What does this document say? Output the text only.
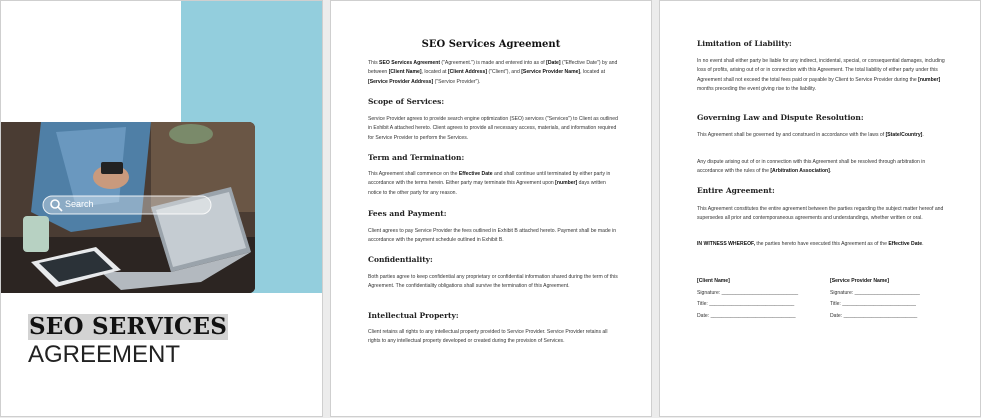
Search
SEO SERVICES
AGREEMENT
SEO Services Agreement
This SEO Services Agreement ("Agreement.") is made and entered into as of [Date] ("Effective Date") by and between [Client Name], located at [Client Address] ("Client"), and [Service Provider Name], located at [Service Provider Address] ("Service Provider").
Scope of Services:
Service Provider agrees to provide search engine optimization (SEO) services ("Services") to Client as outlined in Exhibit A attached hereto. Client agrees to provide all necessary access, materials, and information required for Service Provider to perform the Services.
Term and Termination:
This Agreement shall commence on the Effective Date and shall continue until terminated by either party in accordance with the terms herein. Either party may terminate this Agreement upon [number] days written notice to the other party for any reason.
Fees and Payment:
Client agrees to pay Service Provider the fees outlined in Exhibit B attached hereto. Payment shall be made in accordance with the payment schedule outlined in Exhibit B.
Confidentiality:
Both parties agree to keep confidential any proprietary or confidential information shared during the term of this Agreement. The confidentiality obligations shall survive the termination of this Agreement.
Intellectual Property:
Client retains all rights to any intellectual property provided to Service Provider. Service Provider retains all rights to any intellectual property developed or created during the provision of Services.
Limitation of Liability:
In no event shall either party be liable for any indirect, incidental, special, or consequential damages, including loss of profits, arising out of or in connection with this Agreement. The total liability of either party under this Agreement shall not exceed the total fees paid or payable by Client to Service Provider during the [number] months preceding the event giving rise to the liability.
Governing Law and Dispute Resolution:
This Agreement shall be governed by and construed in accordance with the laws of [State/Country].
Any dispute arising out of or in connection with this Agreement shall be resolved through arbitration in accordance with the rules of the [Arbitration Association].
Entire Agreement:
This Agreement constitutes the entire agreement between the parties regarding the subject matter hereof and supersedes all prior and contemporaneous agreements and understandings, whether written or oral.
IN WITNESS WHEREOF, the parties hereto have executed this Agreement as of the Effective Date.
[Client Name]
Signature: ___________________________
Title: ______________________________
Date: ______________________________
[Service Provider Name]
Signature: _______________________
Title: __________________________
Date: __________________________
